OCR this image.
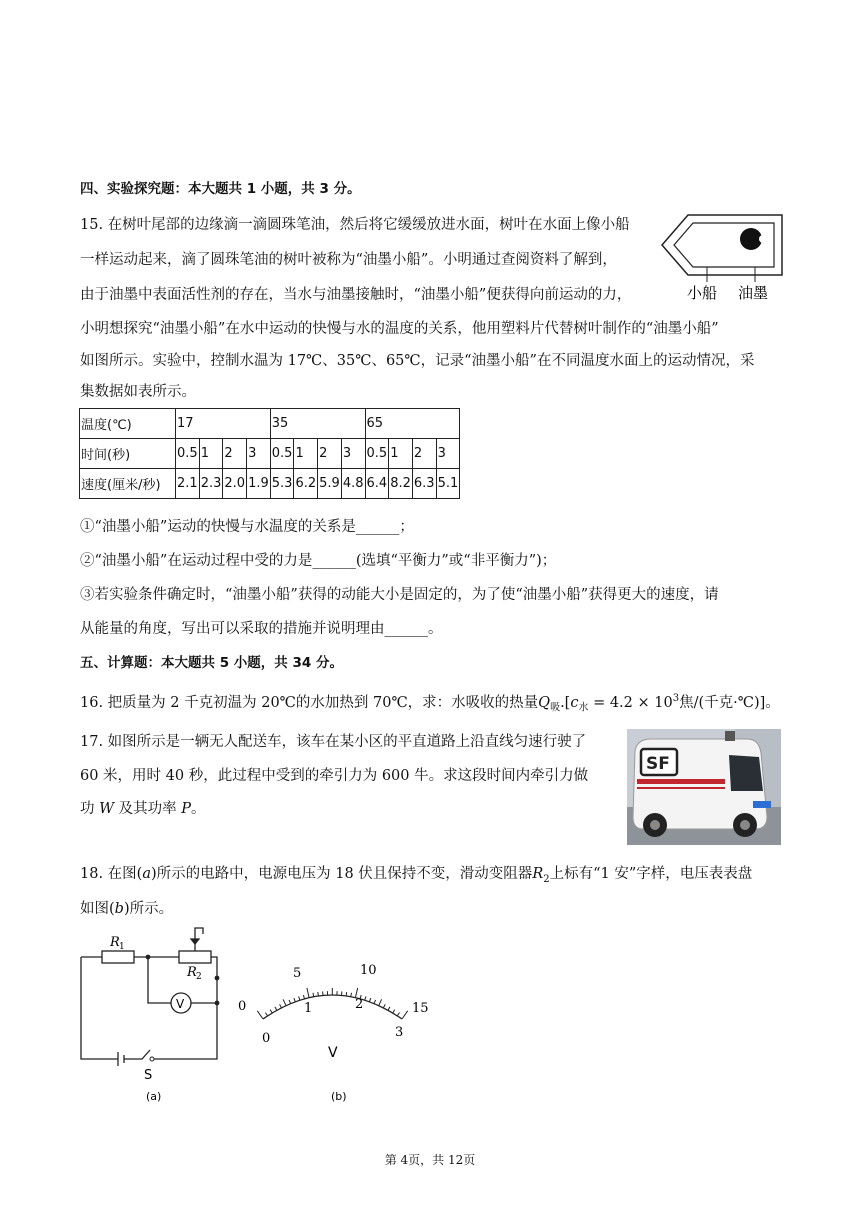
四、实验探究题：本大题共 1 小题，共 3 分。
15. 在树叶尾部的边缘滴一滴圆珠笔油，然后将它缓缓放进水面，树叶在水面上像小船
一样运动起来，滴了圆珠笔油的树叶被称为“油墨小船”。小明通过查阅资料了解到，
由于油墨中表面活性剂的存在，当水与油墨接触时，“油墨小船”便获得向前运动的力，
小明想探究“油墨小船”在水中运动的快慢与水的温度的关系，他用塑料片代替树叶制作的“油墨小船”
如图所示。实验中，控制水温为 17℃、35℃、65℃，记录“油墨小船”在不同温度水面上的运动情况，采
集数据如表所示。
小船 油墨
温度(℃)	17				35				65			
时间(秒)	0.5	1	2	3	0.5	1	2	3	0.5	1	2	3
速度(厘米/秒)	2.1	2.3	2.0	1.9	5.3	6.2	5.9	4.8	6.4	8.2	6.3	5.1
①“油墨小船”运动的快慢与水温度的关系是______；
②“油墨小船”在运动过程中受的力是______(选填“平衡力”或“非平衡力”)；
③若实验条件确定时，“油墨小船”获得的动能大小是固定的，为了使“油墨小船”获得更大的速度，请
从能量的角度，写出可以采取的措施并说明理由______。
五、计算题：本大题共 5 小题，共 34 分。
16. 把质量为 2 千克初温为 20℃的水加热到 70℃，求：水吸收的热量$Q_吸.[c_水 = 4.2 \times 10^3$焦/(千克·℃)]。
17. 如图所示是一辆无人配送车，该车在某小区的平直道路上沿直线匀速行驶了
60 米，用时 40 秒，此过程中受到的牵引力为 600 牛。求这段时间内牵引力做
功 W 及其功率 P。
SF
18. 在图(a)所示的电路中，电源电压为 18 伏且保持不变，滑动变阻器$R_2$上标有“1 安”字样，电压表表盘
如图(b)所示。
R 1
R 2
V
S
(a)
0
5	10
15
0
1	2
3
V
(b)
第 4页，共 12页
